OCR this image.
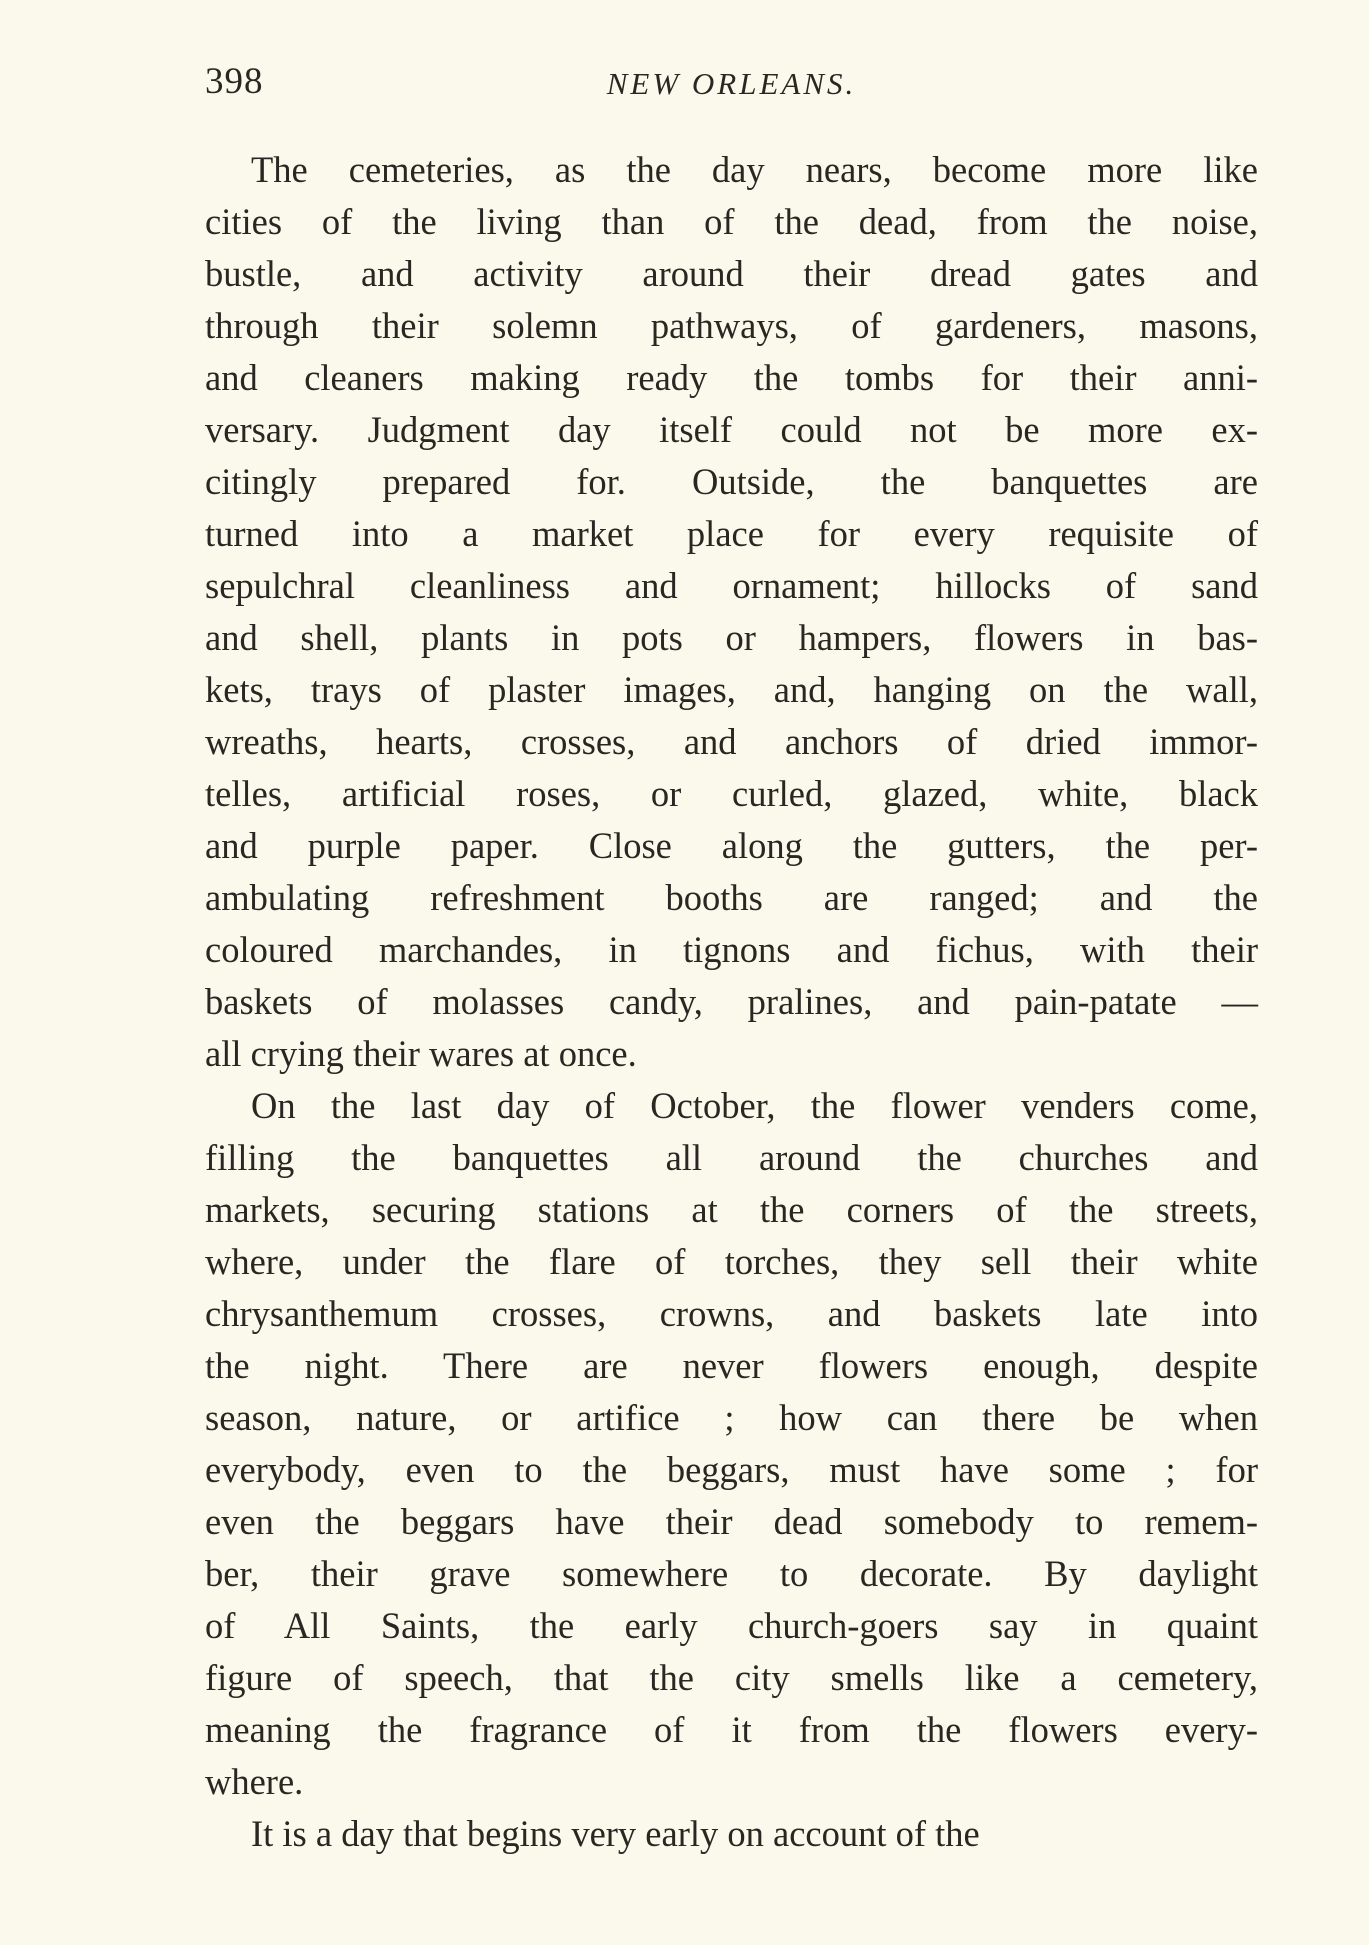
398	NEW ORLEANS.
The cemeteries, as the day nears, become more like
cities of the living than of the dead, from the noise,
bustle, and activity around their dread gates and
through their solemn pathways, of gardeners, masons,
and cleaners making ready the tombs for their anni-
versary. Judgment day itself could not be more ex-
citingly prepared for. Outside, the banquettes are
turned into a market place for every requisite of
sepulchral cleanliness and ornament; hillocks of sand
and shell, plants in pots or hampers, flowers in bas-
kets, trays of plaster images, and, hanging on the wall,
wreaths, hearts, crosses, and anchors of dried immor-
telles, artificial roses, or curled, glazed, white, black
and purple paper. Close along the gutters, the per-
ambulating refreshment booths are ranged; and the
coloured marchandes, in tignons and fichus, with their
baskets of molasses candy, pralines, and pain-patate —
all crying their wares at once.
On the last day of October, the flower venders come,
filling the banquettes all around the churches and
markets, securing stations at the corners of the streets,
where, under the flare of torches, they sell their white
chrysanthemum crosses, crowns, and baskets late into
the night. There are never flowers enough, despite
season, nature, or artifice ; how can there be when
everybody, even to the beggars, must have some ; for
even the beggars have their dead somebody to remem-
ber, their grave somewhere to decorate. By daylight
of All Saints, the early church-goers say in quaint
figure of speech, that the city smells like a cemetery,
meaning the fragrance of it from the flowers every-
where.
It is a day that begins very early on account of the
